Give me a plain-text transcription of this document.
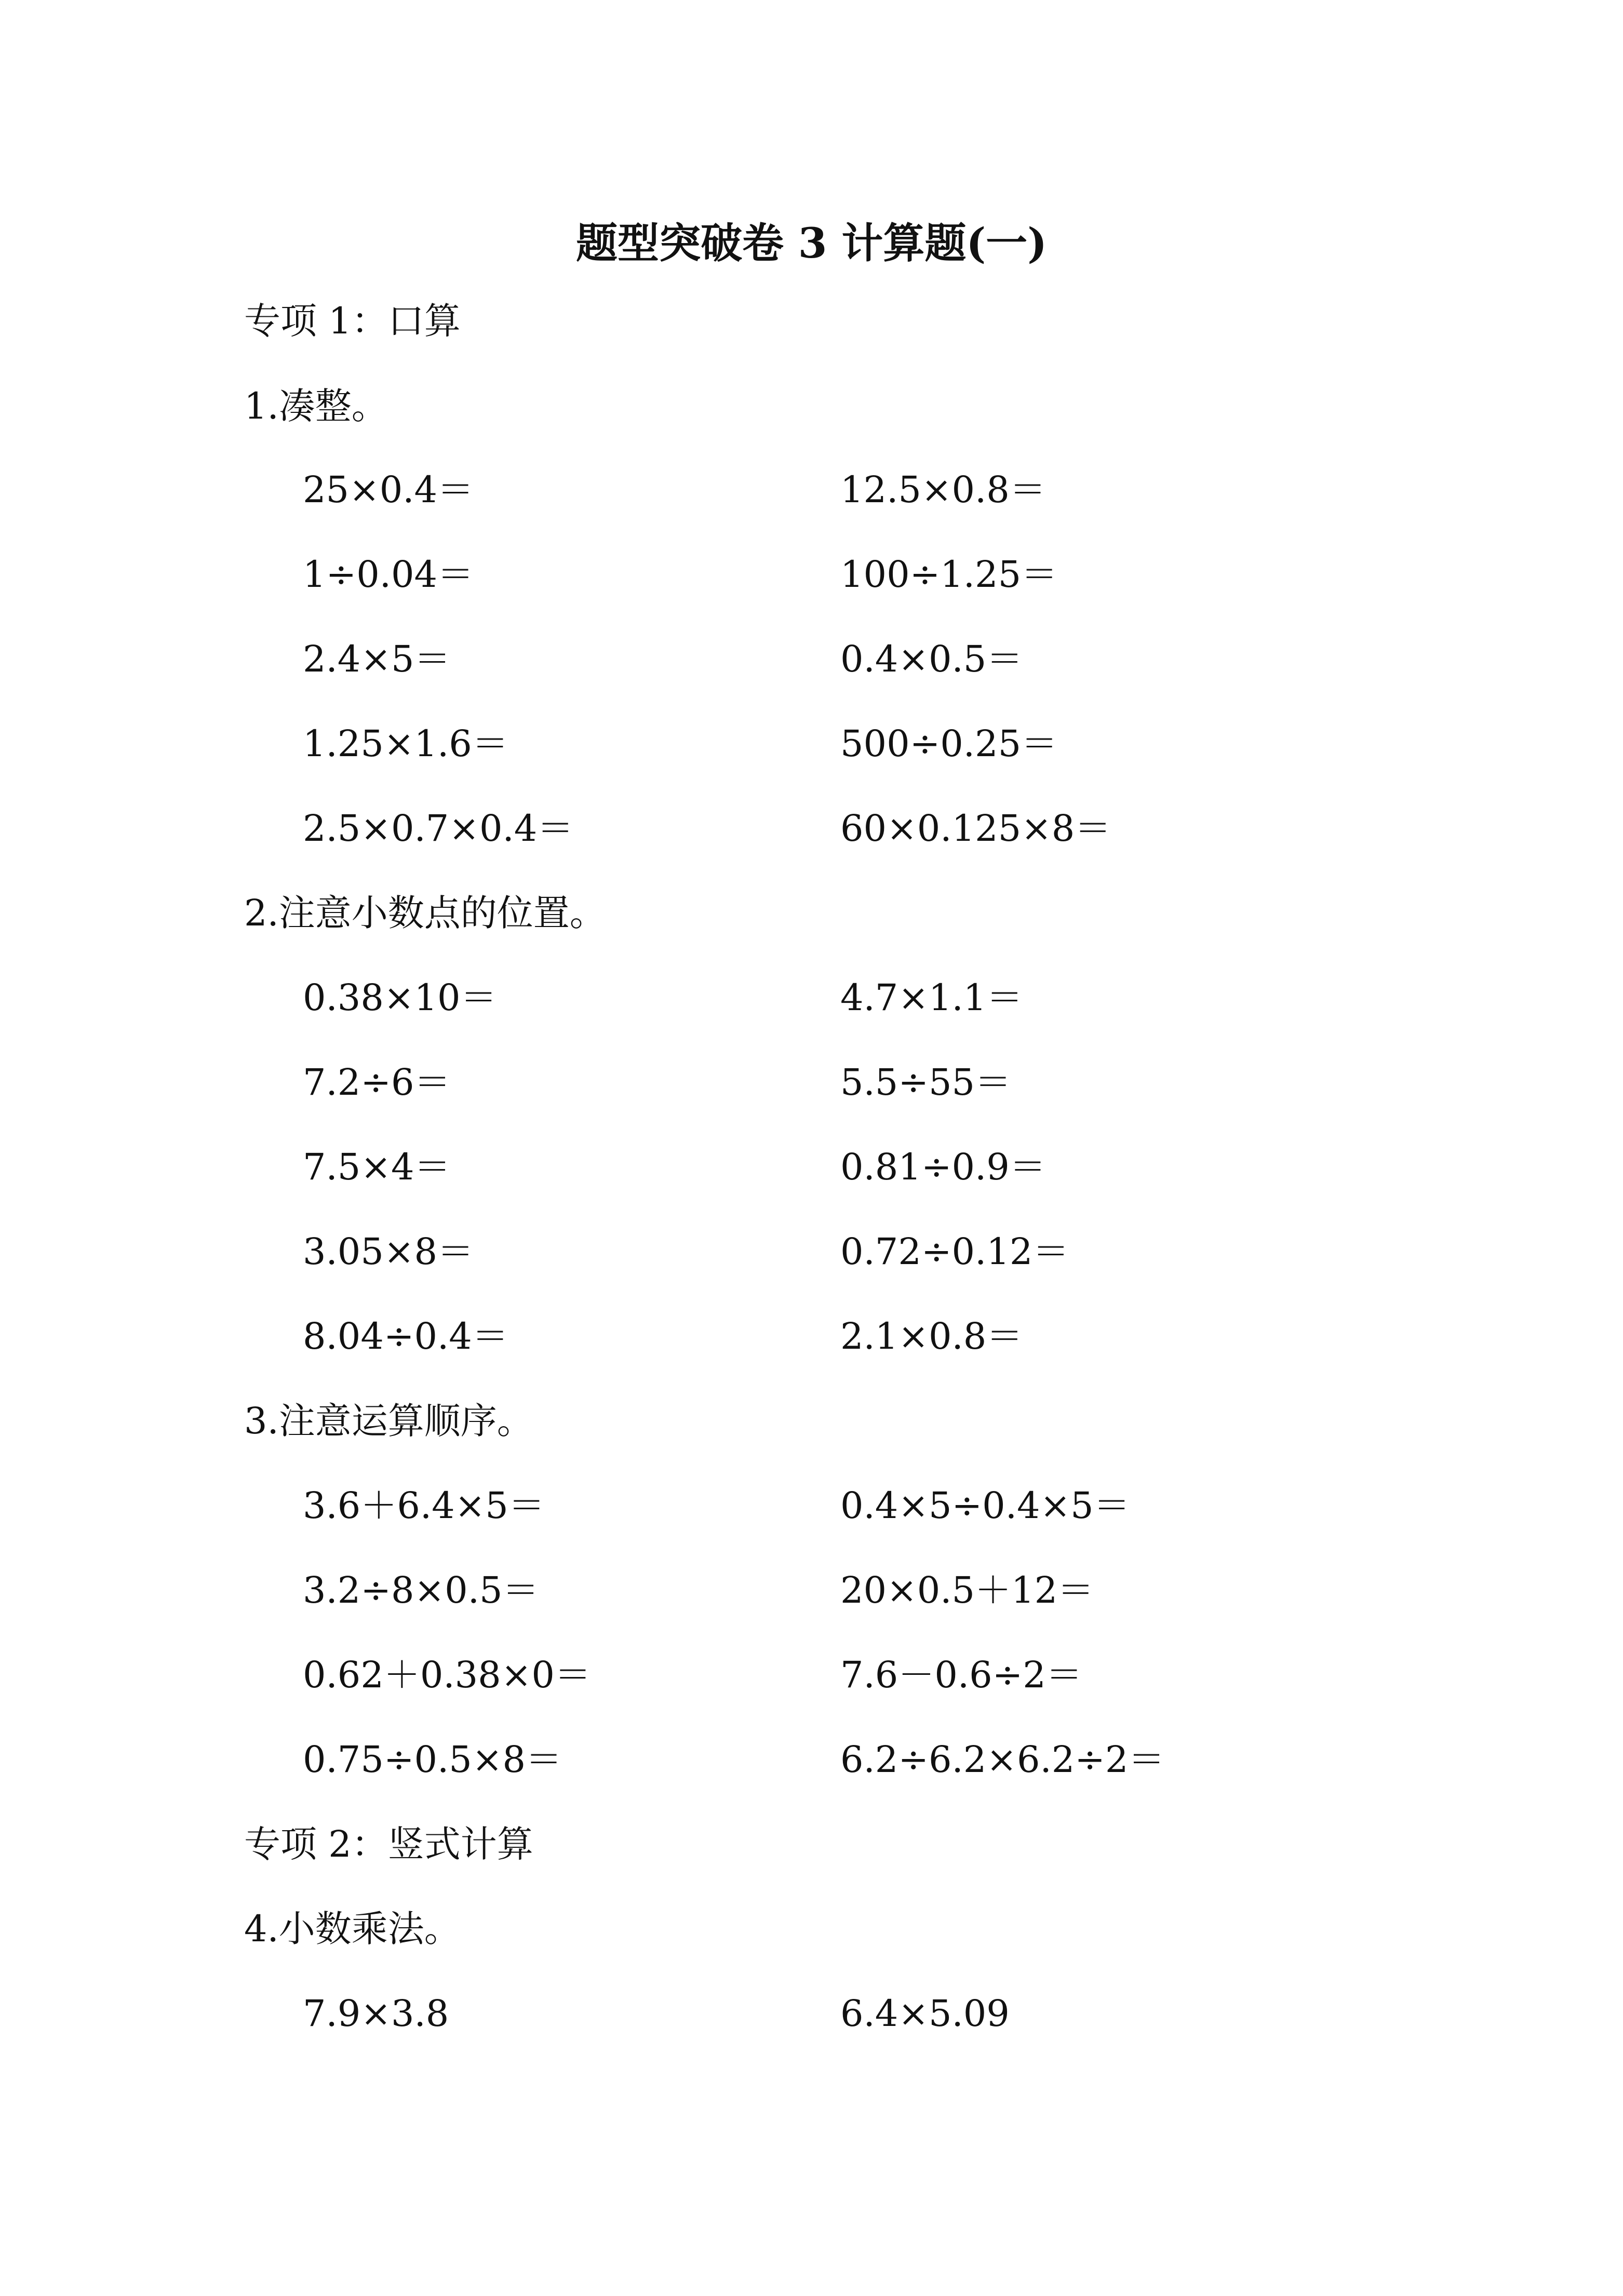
题型突破卷 3 计算题(一)
专项 1：口算
1.凑整。
25×0.4＝	12.5×0.8＝
1÷0.04＝	100÷1.25＝
2.4×5＝	0.4×0.5＝
1.25×1.6＝	500÷0.25＝
2.5×0.7×0.4＝	60×0.125×8＝
2.注意小数点的位置。
0.38×10＝	4.7×1.1＝
7.2÷6＝	5.5÷55＝
7.5×4＝	0.81÷0.9＝
3.05×8＝	0.72÷0.12＝
8.04÷0.4＝	2.1×0.8＝
3.注意运算顺序。
3.6＋6.4×5＝	0.4×5÷0.4×5＝
3.2÷8×0.5＝	20×0.5＋12＝
0.62＋0.38×0＝	7.6－0.6÷2＝
0.75÷0.5×8＝	6.2÷6.2×6.2÷2＝
专项 2：竖式计算
4.小数乘法。
7.9×3.8	6.4×5.09
